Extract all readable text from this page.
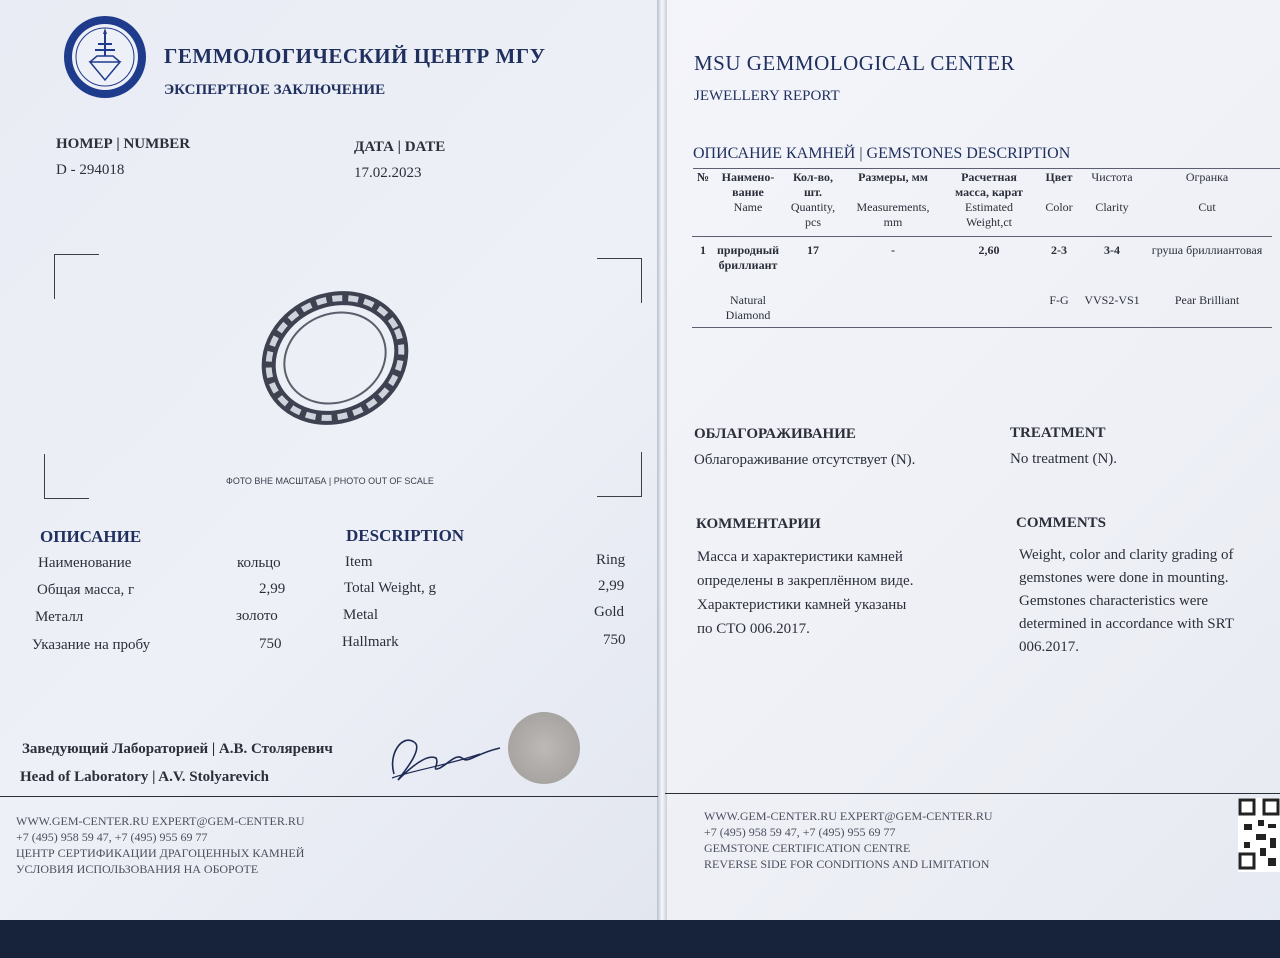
ГЕММОЛОГИЧЕСКИЙ ЦЕНТР МГУ
ЭКСПЕРТНОЕ ЗАКЛЮЧЕНИЕ
НОМЕР | NUMBER
D - 294018
ДАТА | DATE
17.02.2023
ФОТО ВНЕ МАСШТАБА | PHOTO OUT OF SCALE
ОПИСАНИЕ	DESCRIPTION
Наименование	кольцо	Item	Ring
Общая масса, г	2,99	Total Weight, g	2,99
Металл	золото	Metal	Gold
Указание на пробу	750	Hallmark	750
Заведующий Лабораторией | А.В. Столяревич
Head of Laboratory | A.V. Stolyarevich
WWW.GEM-CENTER.RU EXPERT@GEM-CENTER.RU
+7 (495) 958 59 47, +7 (495) 955 69 77
ЦЕНТР СЕРТИФИКАЦИИ ДРАГОЦЕННЫХ КАМНЕЙ
УСЛОВИЯ ИСПОЛЬЗОВАНИЯ НА ОБОРОТЕ
MSU GEMMOLOGICAL CENTER
JEWELLERY REPORT
ОПИСАНИЕ КАМНЕЙ | GEMSTONES DESCRIPTION
№	Наимено-вание	Кол-во, шт.	Размеры, мм	Расчетная масса, карат	Цвет	Чистота	Огранка
	Name	Quantity, pcs	Measurements, mm	Estimated Weight,ct	Color	Clarity	Cut

1	природный бриллиант	17	-	2,60	2-3	3-4	груша бриллиантовая
	Natural Diamond				F-G	VVS2-VS1	Pear Brilliant

ОБЛАГОРАЖИВАНИЕ
Облагораживание отсутствует (N).
TREATMENT
No treatment (N).
КОММЕНТАРИИ
Масса и характеристики камней
определены в закреплённом виде.
Характеристики камней указаны
по СТО 006.2017.
COMMENTS
Weight, color and clarity grading of
gemstones were done in mounting.
Gemstones characteristics were
determined in accordance with SRT
006.2017.
WWW.GEM-CENTER.RU EXPERT@GEM-CENTER.RU
+7 (495) 958 59 47, +7 (495) 955 69 77
GEMSTONE CERTIFICATION CENTRE
REVERSE SIDE FOR CONDITIONS AND LIMITATION
